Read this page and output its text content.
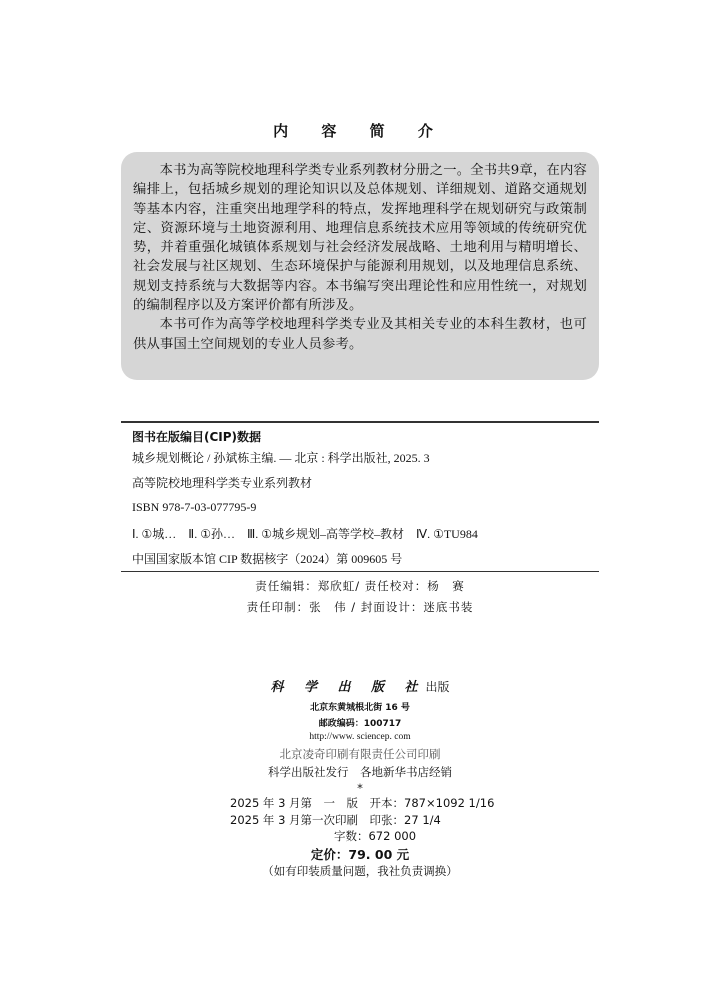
内 容 简 介

本书为高等院校地理科学类专业系列教材分册之一。全书共9章，在内容编排上，包括城乡规划的理论知识以及总体规划、详细规划、道路交通规划等基本内容，注重突出地理学科的特点，发挥地理科学在规划研究与政策制定、资源环境与土地资源利用、地理信息系统技术应用等领域的传统研究优势，并着重强化城镇体系规划与社会经济发展战略、土地利用与精明增长、社会发展与社区规划、生态环境保护与能源利用规划，以及地理信息系统、规划支持系统与大数据等内容。本书编写突出理论性和应用性统一，对规划的编制程序以及方案评价都有所涉及。

本书可作为高等学校地理科学类专业及其相关专业的本科生教材，也可供从事国土空间规划的专业人员参考。

图书在版编目(CIP)数据
城乡规划概论 / 孙斌栋主编. — 北京 : 科学出版社, 2025. 3
高等院校地理科学类专业系列教材
ISBN 978-7-03-077795-9
Ⅰ. ①城…　Ⅱ. ①孙…　Ⅲ. ①城乡规划–高等学校–教材　Ⅳ. ①TU984
中国国家版本馆 CIP 数据核字（2024）第 009605 号
责任编辑：郑欣虹/ 责任校对：杨　赛
责任印制：张　伟 / 封面设计：迷底书装
科 学 出 版 社出版
北京东黄城根北街 16 号
邮政编码：100717
http://www. sciencep. com
北京凌奇印刷有限责任公司印刷
科学出版社发行　各地新华书店经销
*
2025 年 3 月第　一　版　开本：787×1092 1/16
2025 年 3 月第一次印刷　印张：27 1/4
字数：672 000
定价：79. 00 元
（如有印装质量问题，我社负责调换）
